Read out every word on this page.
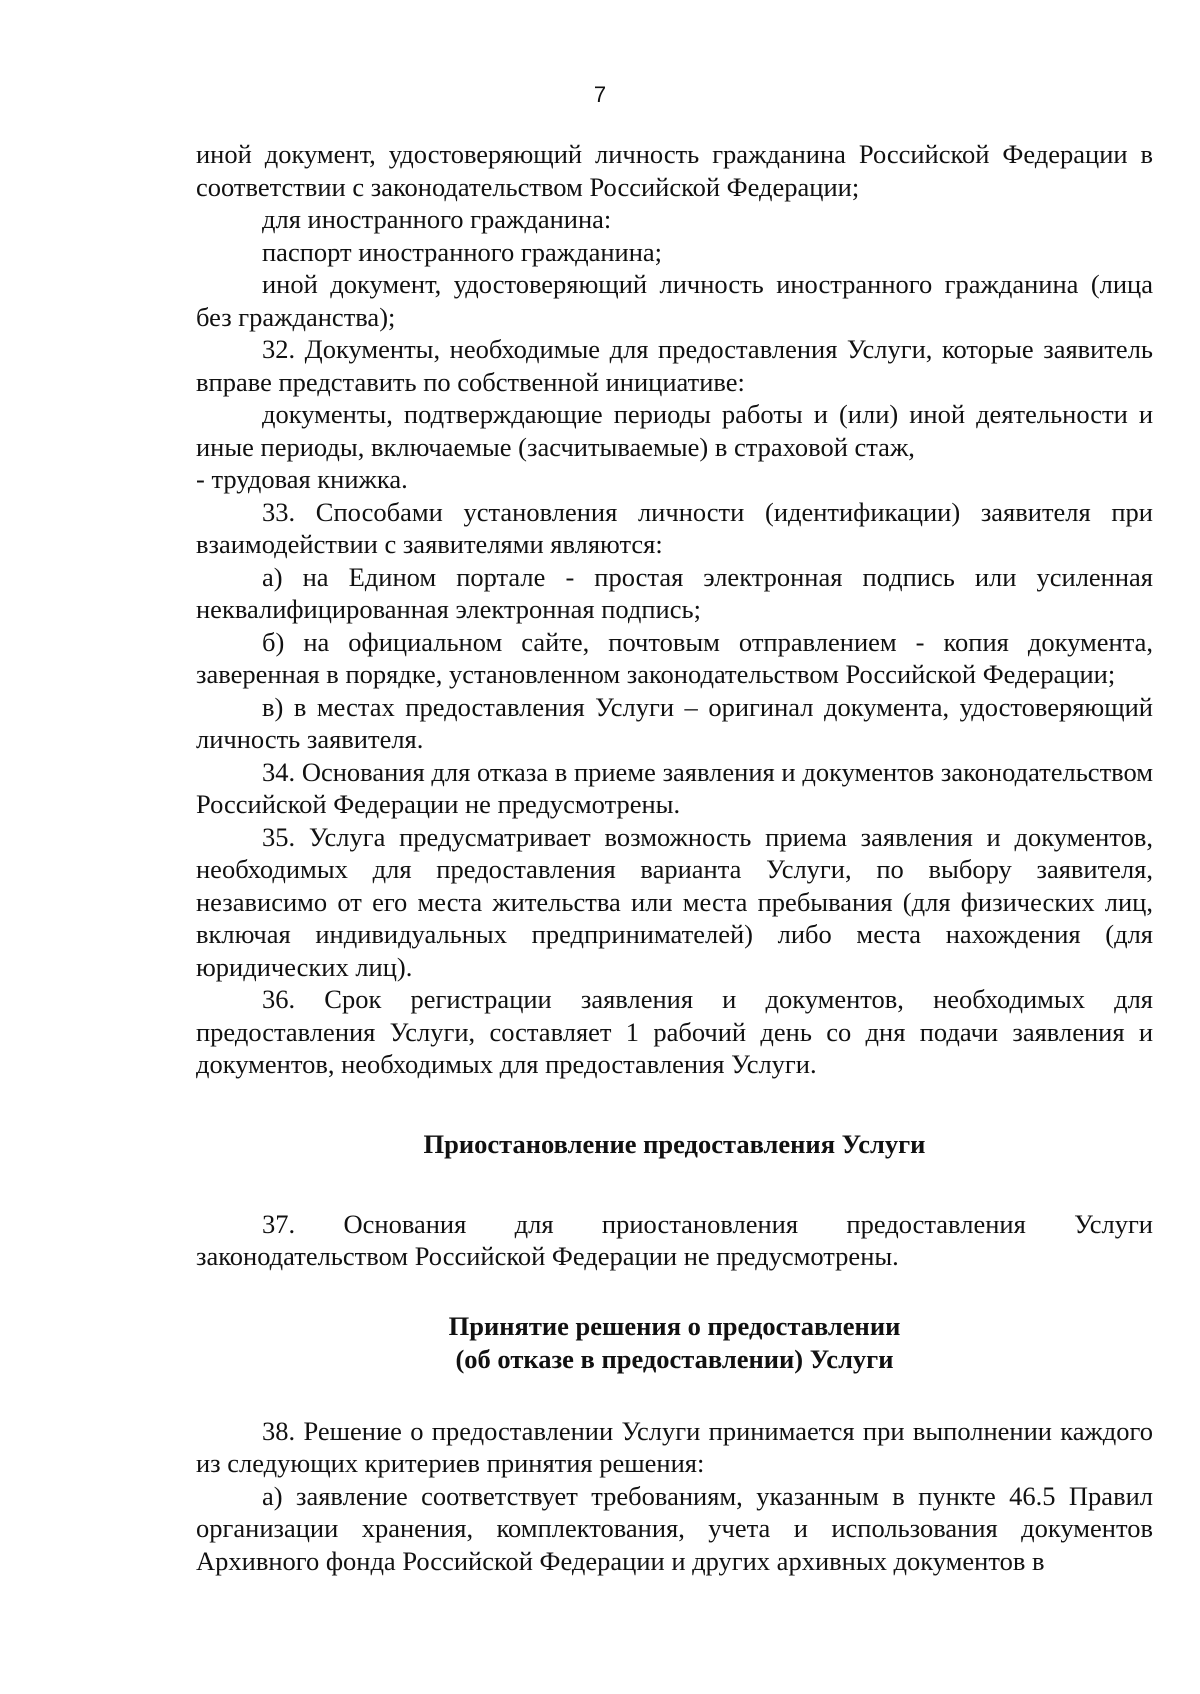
7

иной документ, удостоверяющий личность гражданина Российской Федерации в соответствии с законодательством Российской Федерации;

для иностранного гражданина:

паспорт иностранного гражданина;

иной документ, удостоверяющий личность иностранного гражданина (лица без гражданства);

32. Документы, необходимые для предоставления Услуги, которые заявитель вправе представить по собственной инициативе:

документы, подтверждающие периоды работы и (или) иной деятельности и иные периоды, включаемые (засчитываемые) в страховой стаж,

- трудовая книжка.

33. Способами установления личности (идентификации) заявителя при взаимодействии с заявителями являются:

а) на Едином портале - простая электронная подпись или усиленная неквалифицированная электронная подпись;

б) на официальном сайте, почтовым отправлением - копия документа, заверенная в порядке, установленном законодательством Российской Федерации;

в) в местах предоставления Услуги – оригинал документа, удостоверяющий личность заявителя.

34. Основания для отказа в приеме заявления и документов законодательством Российской Федерации не предусмотрены.

35. Услуга предусматривает возможность приема заявления и документов, необходимых для предоставления варианта Услуги, по выбору заявителя, независимо от его места жительства или места пребывания (для физических лиц, включая индивидуальных предпринимателей) либо места нахождения (для юридических лиц).

36. Срок регистрации заявления и документов, необходимых для предоставления Услуги, составляет 1 рабочий день со дня подачи заявления и документов, необходимых для предоставления Услуги.

Приостановление предоставления Услуги

37. Основания для приостановления предоставления Услуги законодательством Российской Федерации не предусмотрены.

Принятие решения о предоставлении
(об отказе в предоставлении) Услуги

38. Решение о предоставлении Услуги принимается при выполнении каждого из следующих критериев принятия решения:

а) заявление соответствует требованиям, указанным в пункте 46.5 Правил организации хранения, комплектования, учета и использования документов Архивного фонда Российской Федерации и других архивных документов в
